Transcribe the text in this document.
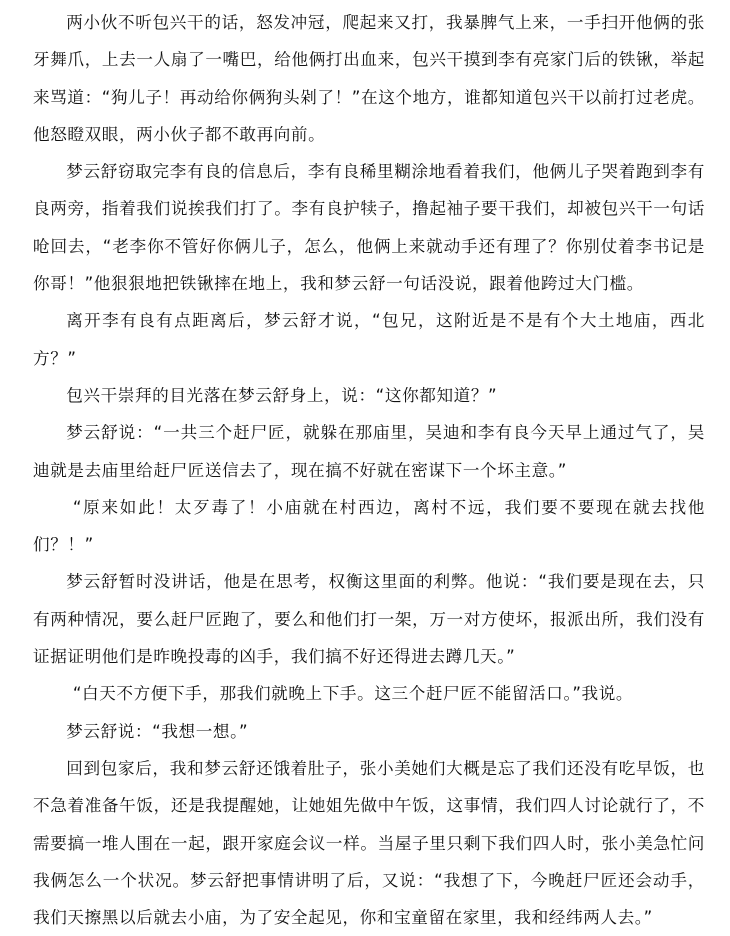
两小伙不听包兴干的话，怒发冲冠，爬起来又打，我暴脾气上来，一手扫开他俩的张牙舞爪，上去一人扇了一嘴巴，给他俩打出血来，包兴干摸到李有亮家门后的铁锹，举起来骂道：“狗儿子！再动给你俩狗头剁了！”在这个地方，谁都知道包兴干以前打过老虎。他怒瞪双眼，两小伙子都不敢再向前。

梦云舒窃取完李有良的信息后，李有良稀里糊涂地看着我们，他俩儿子哭着跑到李有良两旁，指着我们说挨我们打了。李有良护犊子，撸起袖子要干我们，却被包兴干一句话呛回去，“老李你不管好你俩儿子，怎么，他俩上来就动手还有理了？你别仗着李书记是你哥！”他狠狠地把铁锹摔在地上，我和梦云舒一句话没说，跟着他跨过大门槛。

离开李有良有点距离后，梦云舒才说，“包兄，这附近是不是有个大土地庙，西北方？”

包兴干崇拜的目光落在梦云舒身上，说：“这你都知道？”

梦云舒说：“一共三个赶尸匠，就躲在那庙里，吴迪和李有良今天早上通过气了，吴迪就是去庙里给赶尸匠送信去了，现在搞不好就在密谋下一个坏主意。”

“原来如此！太歹毒了！小庙就在村西边，离村不远，我们要不要现在就去找他们？！”

梦云舒暂时没讲话，他是在思考，权衡这里面的利弊。他说：“我们要是现在去，只有两种情况，要么赶尸匠跑了，要么和他们打一架，万一对方使坏，报派出所，我们没有证据证明他们是昨晚投毒的凶手，我们搞不好还得进去蹲几天。”

“白天不方便下手，那我们就晚上下手。这三个赶尸匠不能留活口。”我说。

梦云舒说：“我想一想。”

回到包家后，我和梦云舒还饿着肚子，张小美她们大概是忘了我们还没有吃早饭，也不急着准备午饭，还是我提醒她，让她姐先做中午饭，这事情，我们四人讨论就行了，不需要搞一堆人围在一起，跟开家庭会议一样。当屋子里只剩下我们四人时，张小美急忙问我俩怎么一个状况。梦云舒把事情讲明了后，又说：“我想了下，今晚赶尸匠还会动手，我们天擦黑以后就去小庙，为了安全起见，你和宝童留在家里，我和经纬两人去。”
